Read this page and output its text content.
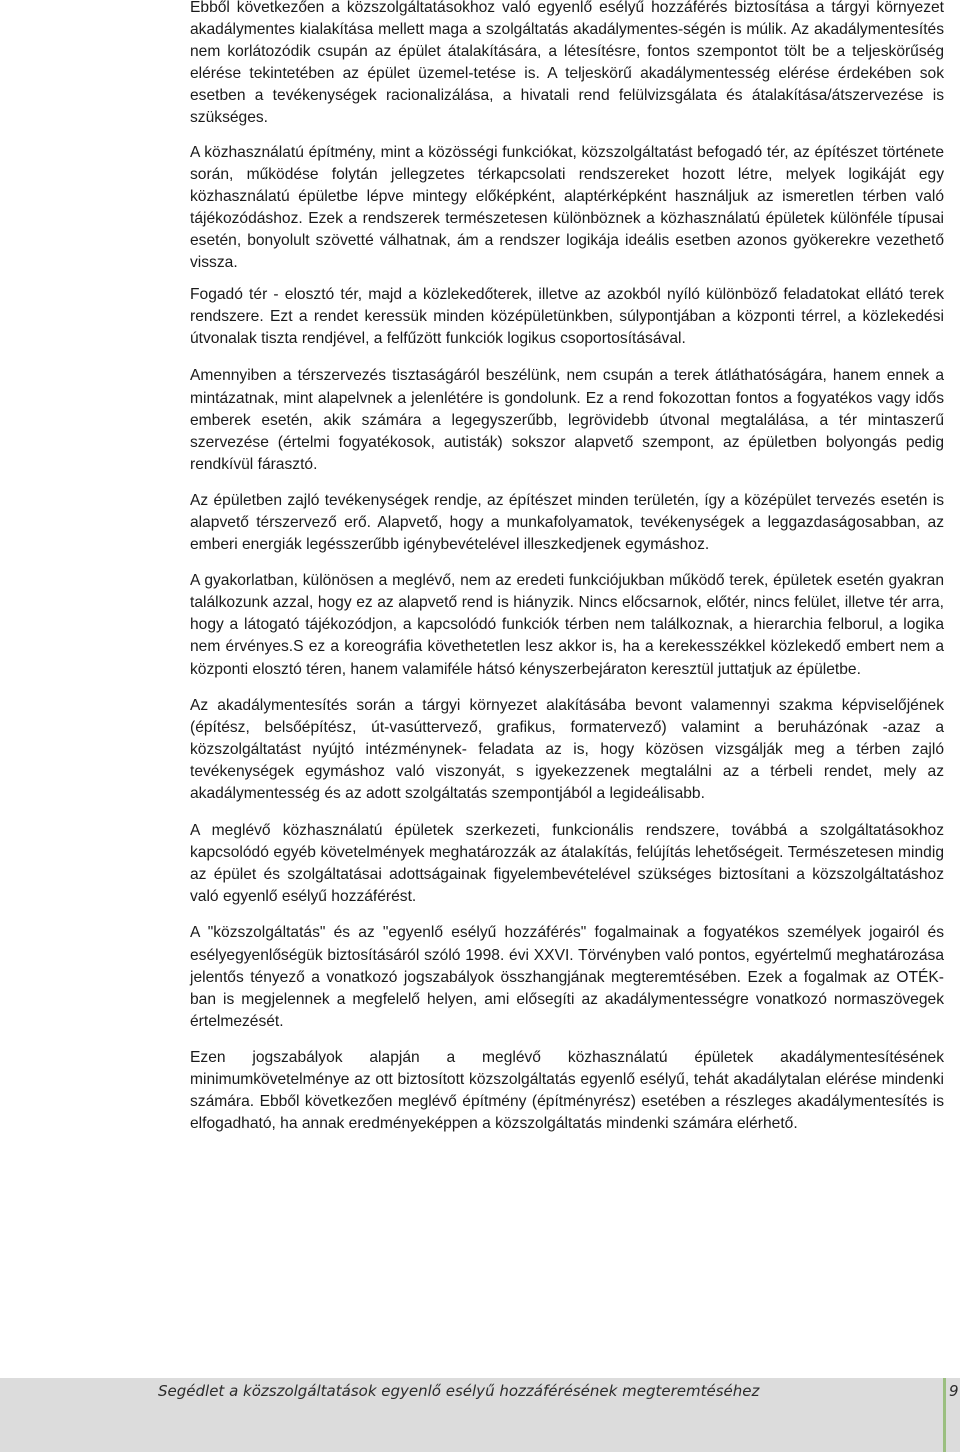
Ebből következően a közszolgáltatásokhoz való egyenlő esélyű hozzáférés biztosítása a tárgyi környezet akadálymentes kialakítása mellett maga a szolgáltatás akadálymentes-ségén is múlik. Az akadálymentesítés nem korlátozódik csupán az épület átalakítására, a létesítésre, fontos szempontot tölt be a teljeskörűség elérése tekintetében az épület üzemel-tetése is. A teljeskörű akadálymentesség elérése érdekében sok esetben a tevékenységek racionalizálása, a hivatali rend felülvizsgálata és átalakítása/átszervezése is szükséges.

A közhasználatú építmény, mint a közösségi funkciókat, közszolgáltatást befogadó tér, az építészet története során, működése folytán jellegzetes térkapcsolati rendszereket hozott létre, melyek logikáját egy közhasználatú épületbe lépve mintegy előképként, alaptérképként használjuk az ismeretlen térben való tájékozódáshoz. Ezek a rendszerek természetesen különböznek a közhasználatú épületek különféle típusai esetén, bonyolult szövetté válhatnak, ám a rendszer logikája ideális esetben azonos gyökerekre vezethető vissza.

Fogadó tér - elosztó tér, majd a közlekedőterek, illetve az azokból nyíló különböző feladatokat ellátó terek rendszere. Ezt a rendet keressük minden középületünkben, súlypontjában a központi térrel, a közlekedési útvonalak tiszta rendjével, a felfűzött funkciók logikus csoportosításával.

Amennyiben a térszervezés tisztaságáról beszélünk, nem csupán a terek átláthatóságára, hanem ennek a mintázatnak, mint alapelvnek a jelenlétére is gondolunk. Ez a rend fokozottan fontos a fogyatékos vagy idős emberek esetén, akik számára a legegyszerűbb, legrövidebb útvonal megtalálása, a tér mintaszerű szervezése (értelmi fogyatékosok, autisták) sokszor alapvető szempont, az épületben bolyongás pedig rendkívül fárasztó.

Az épületben zajló tevékenységek rendje, az építészet minden területén, így a középület tervezés esetén is alapvető térszervező erő. Alapvető, hogy a munkafolyamatok, tevékenységek a leggazdaságosabban, az emberi energiák legésszerűbb igénybevételével illeszkedjenek egymáshoz.

A gyakorlatban, különösen a meglévő, nem az eredeti funkciójukban működő terek, épületek esetén gyakran találkozunk azzal, hogy ez az alapvető rend is hiányzik. Nincs előcsarnok, előtér, nincs felület, illetve tér arra, hogy a látogató tájékozódjon, a kapcsolódó funkciók térben nem találkoznak, a hierarchia felborul, a logika nem érvényes.S ez a koreográfia követhetetlen lesz akkor is, ha a kerekesszékkel közlekedő embert nem a központi elosztó téren, hanem valamiféle hátsó kényszerbejáraton keresztül juttatjuk az épületbe.

Az akadálymentesítés során a tárgyi környezet alakításába bevont valamennyi szakma képviselőjének (építész, belsőépítész, út-vasúttervező, grafikus, formatervező) valamint a beruházónak -azaz a közszolgáltatást nyújtó intézménynek- feladata az is, hogy közösen vizsgálják meg a térben zajló tevékenységek egymáshoz való viszonyát, s igyekezzenek megtalálni az a térbeli rendet, mely az akadálymentesség és az adott szolgáltatás szempontjából a legideálisabb.

A meglévő közhasználatú épületek szerkezeti, funkcionális rendszere, továbbá a szolgáltatásokhoz kapcsolódó egyéb követelmények meghatározzák az átalakítás, felújítás lehetőségeit. Természetesen mindig az épület és szolgáltatásai adottságainak figyelembevételével szükséges biztosítani a közszolgáltatáshoz való egyenlő esélyű hozzáférést.

A "közszolgáltatás" és az "egyenlő esélyű hozzáférés" fogalmainak a fogyatékos személyek jogairól és esélyegyenlőségük biztosításáról szóló 1998. évi XXVI. Törvényben való pontos, egyértelmű meghatározása jelentős tényező a vonatkozó jogszabályok összhangjának megteremtésében. Ezek a fogalmak az OTÉK-ban is megjelennek a megfelelő helyen, ami elősegíti az akadálymentességre vonatkozó normaszövegek értelmezését.

Ezen jogszabályok alapján a meglévő közhasználatú épületek akadálymentesítésének minimumkövetelménye az ott biztosított közszolgáltatás egyenlő esélyű, tehát akadálytalan elérése mindenki számára. Ebből következően meglévő építmény (építményrész) esetében a részleges akadálymentesítés is elfogadható, ha annak eredményeképpen a közszolgáltatás mindenki számára elérhető.

Segédlet a közszolgáltatások egyenlő esélyű hozzáférésének megteremtéséhez	9
